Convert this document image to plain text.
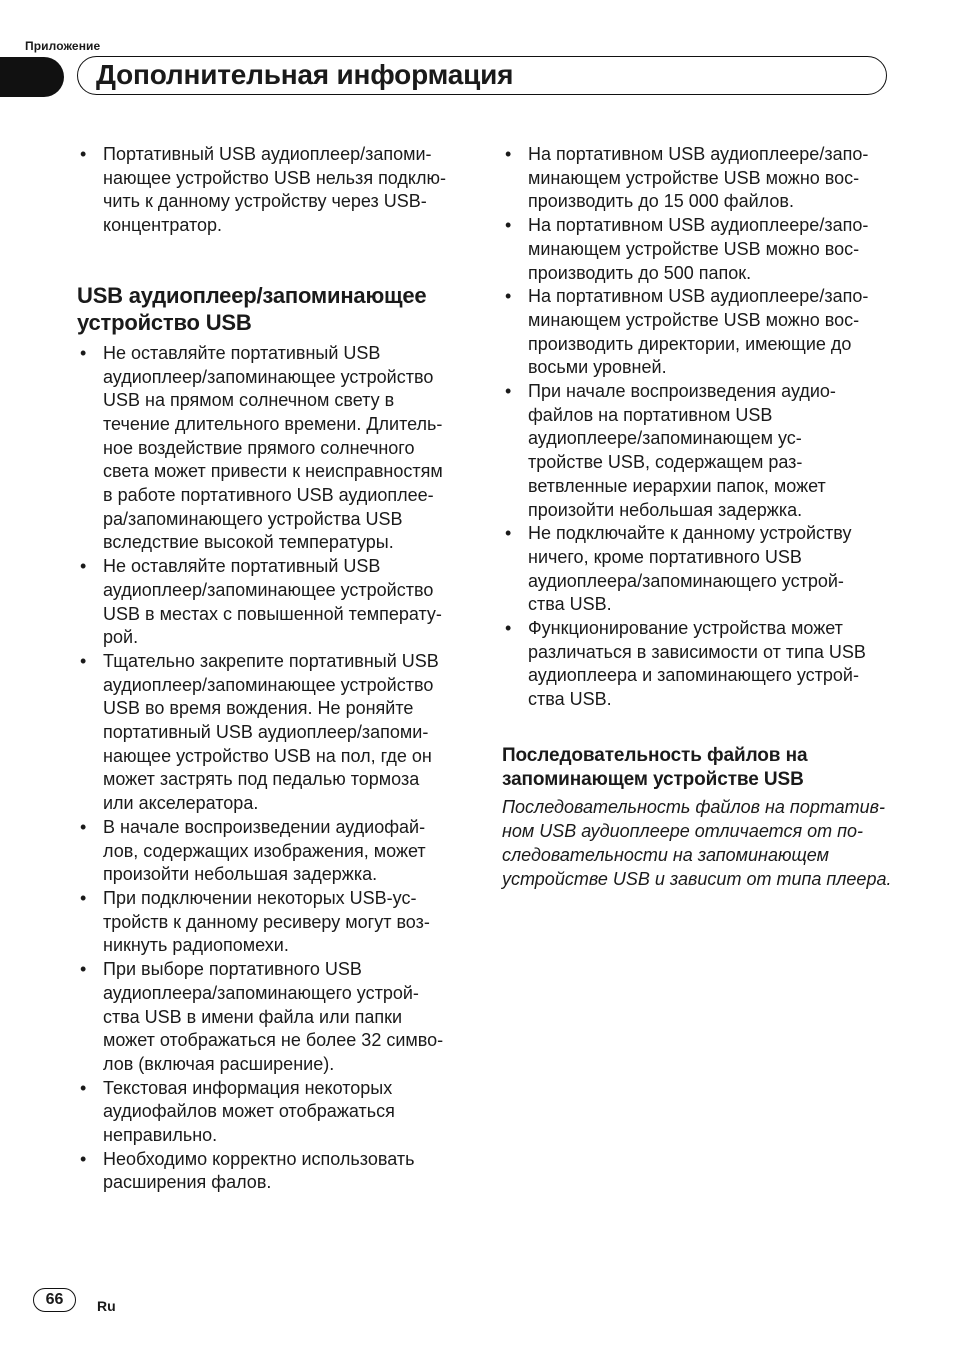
Приложение
Дополнительная информация
• Портативный USB аудиоплеер/запоми-
нающее устройство USB нельзя подклю-
чить к данному устройству через USB-
концентратор.
USB аудиоплеер/запоминающее
устройство USB
• Не оставляйте портативный USB
аудиоплеер/запоминающее устройство
USB на прямом солнечном свету в
течение длительного времени. Длитель-
ное воздействие прямого солнечного
света может привести к неисправностям
в работе портативного USB аудиоплее-
ра/запоминающего устройства USB
вследствие высокой температуры.
• Не оставляйте портативный USB
аудиоплеер/запоминающее устройство
USB в местах с повышенной температу-
рой.
• Тщательно закрепите портативный USB
аудиоплеер/запоминающее устройство
USB во время вождения. Не роняйте
портативный USB аудиоплеер/запоми-
нающее устройство USB на пол, где он
может застрять под педалью тормоза
или акселератора.
• В начале воспроизведении аудиофай-
лов, содержащих изображения, может
произойти небольшая задержка.
• При подключении некоторых USB-ус-
тройств к данному ресиверу могут воз-
никнуть радиопомехи.
• При выборе портативного USB
аудиоплеера/запоминающего устрой-
ства USB в имени файла или папки
может отображаться не более 32 симво-
лов (включая расширение).
• Текстовая информация некоторых
аудиофайлов может отображаться
неправильно.
• Необходимо корректно использовать
расширения фалов.
• На портативном USB аудиоплеере/запо-
минающем устройстве USB можно вос-
производить до 15 000 файлов.
• На портативном USB аудиоплеере/запо-
минающем устройстве USB можно вос-
производить до 500 папок.
• На портативном USB аудиоплеере/запо-
минающем устройстве USB можно вос-
производить директории, имеющие до
восьми уровней.
• При начале воспроизведения аудио-
файлов на портативном USB
аудиоплеере/запоминающем ус-
тройстве USB, содержащем раз-
ветвленные иерархии папок, может
произойти небольшая задержка.
• Не подключайте к данному устройству
ничего, кроме портативного USB
аудиоплеера/запоминающего устрой-
ства USB.
• Функционирование устройства может
различаться в зависимости от типа USB
аудиоплеера и запоминающего устрой-
ства USB.
Последовательность файлов на
запоминающем устройстве USB

Последовательность файлов на портатив-
ном USB аудиоплеере отличается от по-
следовательности на запоминающем
устройстве USB и зависит от типа плеера.

66	Ru
